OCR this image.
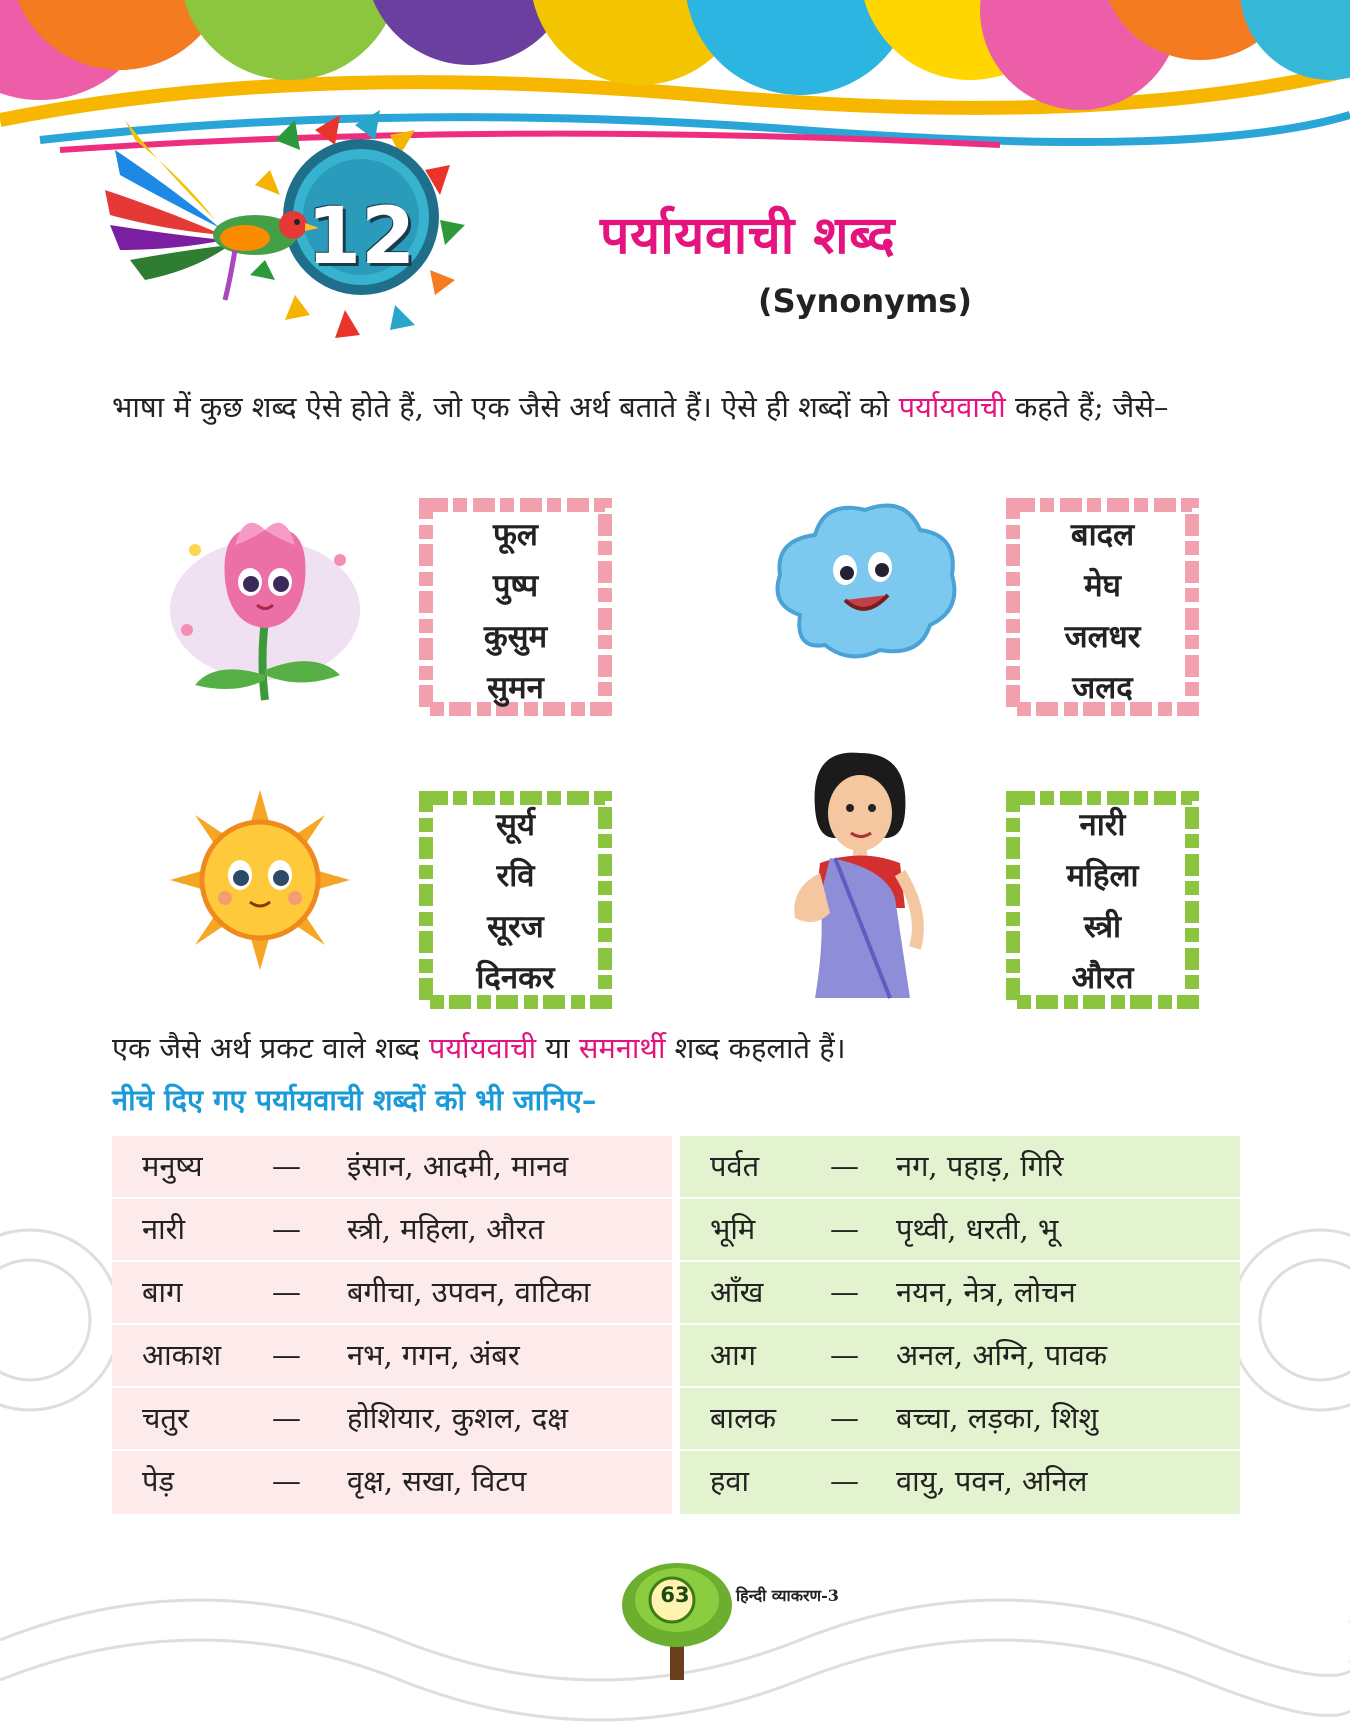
12	पर्यायवाची शब्द
(Synonyms)

भाषा में कुछ शब्द ऐसे होते हैं, जो एक जैसे अर्थ बताते हैं। ऐसे ही शब्दों को पर्यायवाची कहते हैं; जैसे–

फूल
पुष्प
कुसुम
सुमन
बादल
मेघ
जलधर
जलद
सूर्य
रवि
सूरज
दिनकर
नारी
महिला
स्त्री
औरत

एक जैसे अर्थ प्रकट वाले शब्द पर्यायवाची या समनार्थी शब्द कहलाते हैं।

नीचे दिए गए पर्यायवाची शब्दों को भी जानिए–
मनुष्य — इंसान, आदमी, मानव
नारी	— स्त्री, महिला, औरत
बाग	— बगीचा, उपवन, वाटिका
आकाश — नभ, गगन, अंबर
चतुर	— होशियार, कुशल, दक्ष
पेड़	— वृक्ष, सखा, विटप
पर्वत — नग, पहाड़, गिरि
भूमि	— पृथ्वी, धरती, भू
आँख — नयन, नेत्र, लोचन
आग	— अनल, अग्नि, पावक
बालक — बच्चा, लड़का, शिशु
हवा	— वायु, पवन, अनिल
63	हिन्दी व्याकरण-3
